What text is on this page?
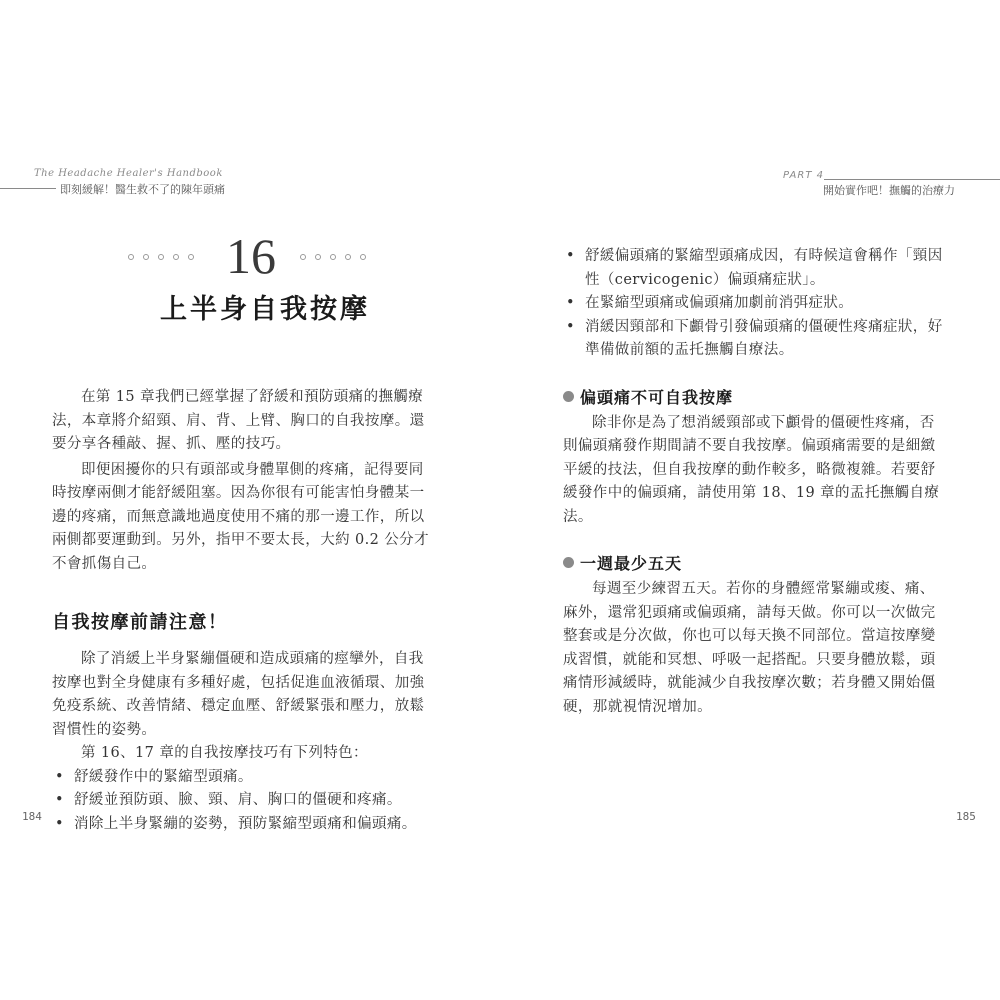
The Headache Healer's Handbook
即刻緩解！醫生救不了的陳年頭痛
PART 4
開始實作吧！撫觸的治療力
16
上半身自我按摩

在第 15 章我們已經掌握了舒緩和預防頭痛的撫觸療法，本章將介紹頸、肩、背、上臂、胸口的自我按摩。還要分享各種敲、握、抓、壓的技巧。

即便困擾你的只有頭部或身體單側的疼痛，記得要同時按摩兩側才能舒緩阻塞。因為你很有可能害怕身體某一邊的疼痛，而無意識地過度使用不痛的那一邊工作，所以兩側都要運動到。另外，指甲不要太長，大約 0.2 公分才不會抓傷自己。

自我按摩前請注意！

除了消緩上半身緊繃僵硬和造成頭痛的痙攣外，自我按摩也對全身健康有多種好處，包括促進血液循環、加強免疫系統、改善情緒、穩定血壓、舒緩緊張和壓力，放鬆習慣性的姿勢。

第 16、17 章的自我按摩技巧有下列特色：

• 舒緩發作中的緊縮型頭痛。
• 舒緩並預防頭、臉、頸、肩、胸口的僵硬和疼痛。
• 消除上半身緊繃的姿勢，預防緊縮型頭痛和偏頭痛。
• 舒緩偏頭痛的緊縮型頭痛成因，有時候這會稱作「頸因性（cervicogenic）偏頭痛症狀」。
• 在緊縮型頭痛或偏頭痛加劇前消弭症狀。
• 消緩因頸部和下顱骨引發偏頭痛的僵硬性疼痛症狀，好準備做前額的盂托撫觸自療法。
偏頭痛不可自我按摩

除非你是為了想消緩頸部或下顱骨的僵硬性疼痛，否則偏頭痛發作期間請不要自我按摩。偏頭痛需要的是細緻平緩的技法，但自我按摩的動作較多，略微複雜。若要舒緩發作中的偏頭痛，請使用第 18、19 章的盂托撫觸自療法。

一週最少五天

每週至少練習五天。若你的身體經常緊繃或痠、痛、麻外，還常犯頭痛或偏頭痛，請每天做。你可以一次做完整套或是分次做，你也可以每天換不同部位。當這按摩變成習慣，就能和冥想、呼吸一起搭配。只要身體放鬆，頭痛情形減緩時，就能減少自我按摩次數；若身體又開始僵硬，那就視情況增加。

184	185
